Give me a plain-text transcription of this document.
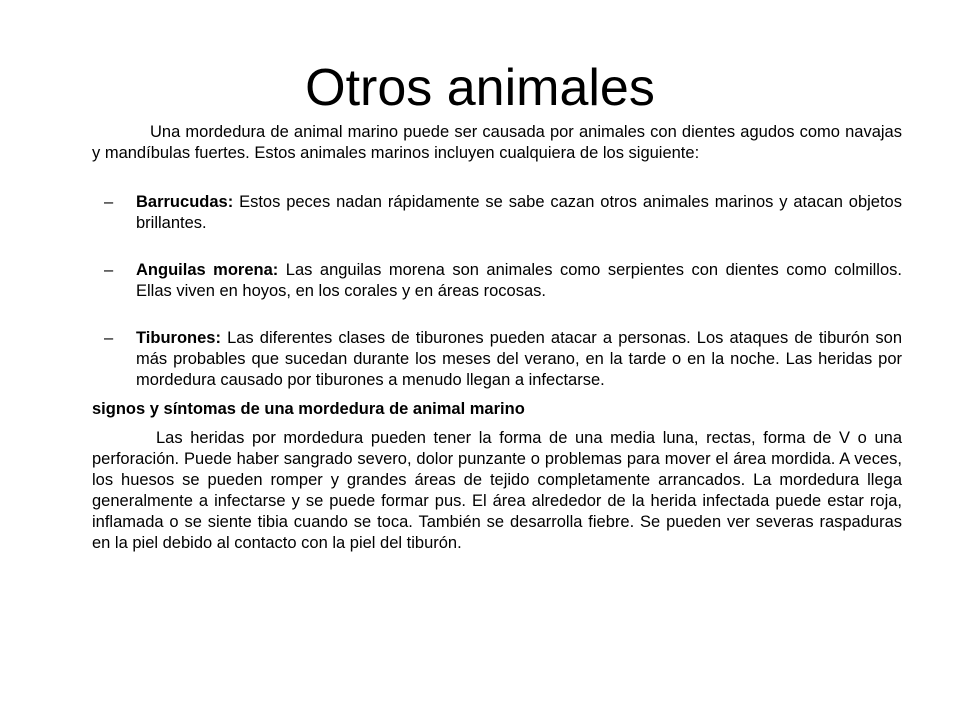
Otros animales

Una mordedura de animal marino puede ser causada por animales con dientes agudos como navajas y mandíbulas fuertes. Estos animales marinos incluyen cualquiera de los siguiente:

–	Barrucudas: Estos peces nadan rápidamente se sabe cazan otros animales marinos y atacan objetos brillantes.
–	Anguilas morena: Las anguilas morena son animales como serpientes con dientes como colmillos. Ellas viven en hoyos, en los corales y en áreas rocosas.
–	Tiburones: Las diferentes clases de tiburones pueden atacar a personas. Los ataques de tiburón son más probables que sucedan durante los meses del verano, en la tarde o en la noche. Las heridas por mordedura causado por tiburones a menudo llegan a infectarse.

signos y síntomas de una mordedura de animal marino

Las heridas por mordedura pueden tener la forma de una media luna, rectas, forma de V o una perforación. Puede haber sangrado severo, dolor punzante o problemas para mover el área mordida. A veces, los huesos se pueden romper y grandes áreas de tejido completamente arrancados. La mordedura llega generalmente a infectarse y se puede formar pus. El área alrededor de la herida infectada puede estar roja, inflamada o se siente tibia cuando se toca. También se desarrolla fiebre. Se pueden ver severas raspaduras en la piel debido al contacto con la piel del tiburón.
